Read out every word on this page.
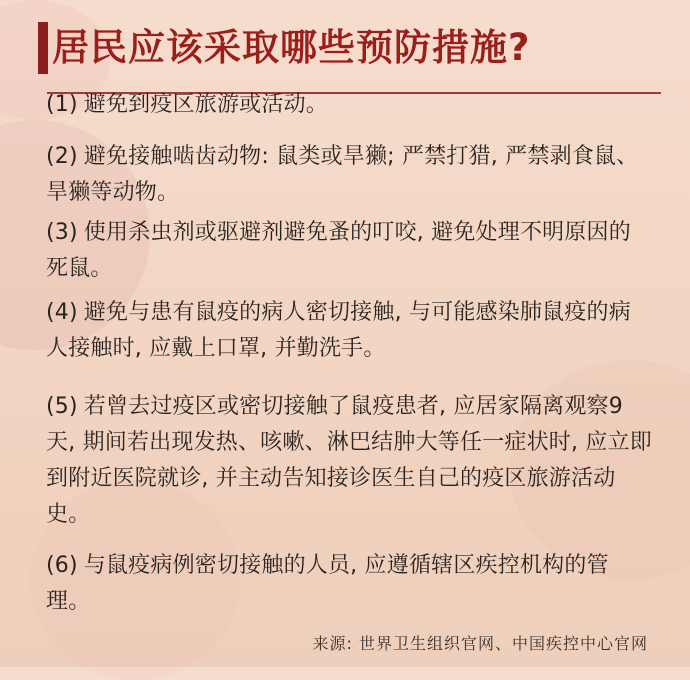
居民应该采取哪些预防措施?

(1) 避免到疫区旅游或活动。

(2) 避免接触啮齿动物: 鼠类或旱獭; 严禁打猎, 严禁剥食鼠、旱獭等动物。

(3) 使用杀虫剂或驱避剂避免蚤的叮咬, 避免处理不明原因的死鼠。

(4) 避免与患有鼠疫的病人密切接触, 与可能感染肺鼠疫的病人接触时, 应戴上口罩, 并勤洗手。

(5) 若曾去过疫区或密切接触了鼠疫患者, 应居家隔离观察9天, 期间若出现发热、咳嗽、淋巴结肿大等任一症状时, 应立即到附近医院就诊, 并主动告知接诊医生自己的疫区旅游活动史。

(6) 与鼠疫病例密切接触的人员, 应遵循辖区疾控机构的管理。

来源: 世界卫生组织官网、中国疾控中心官网
